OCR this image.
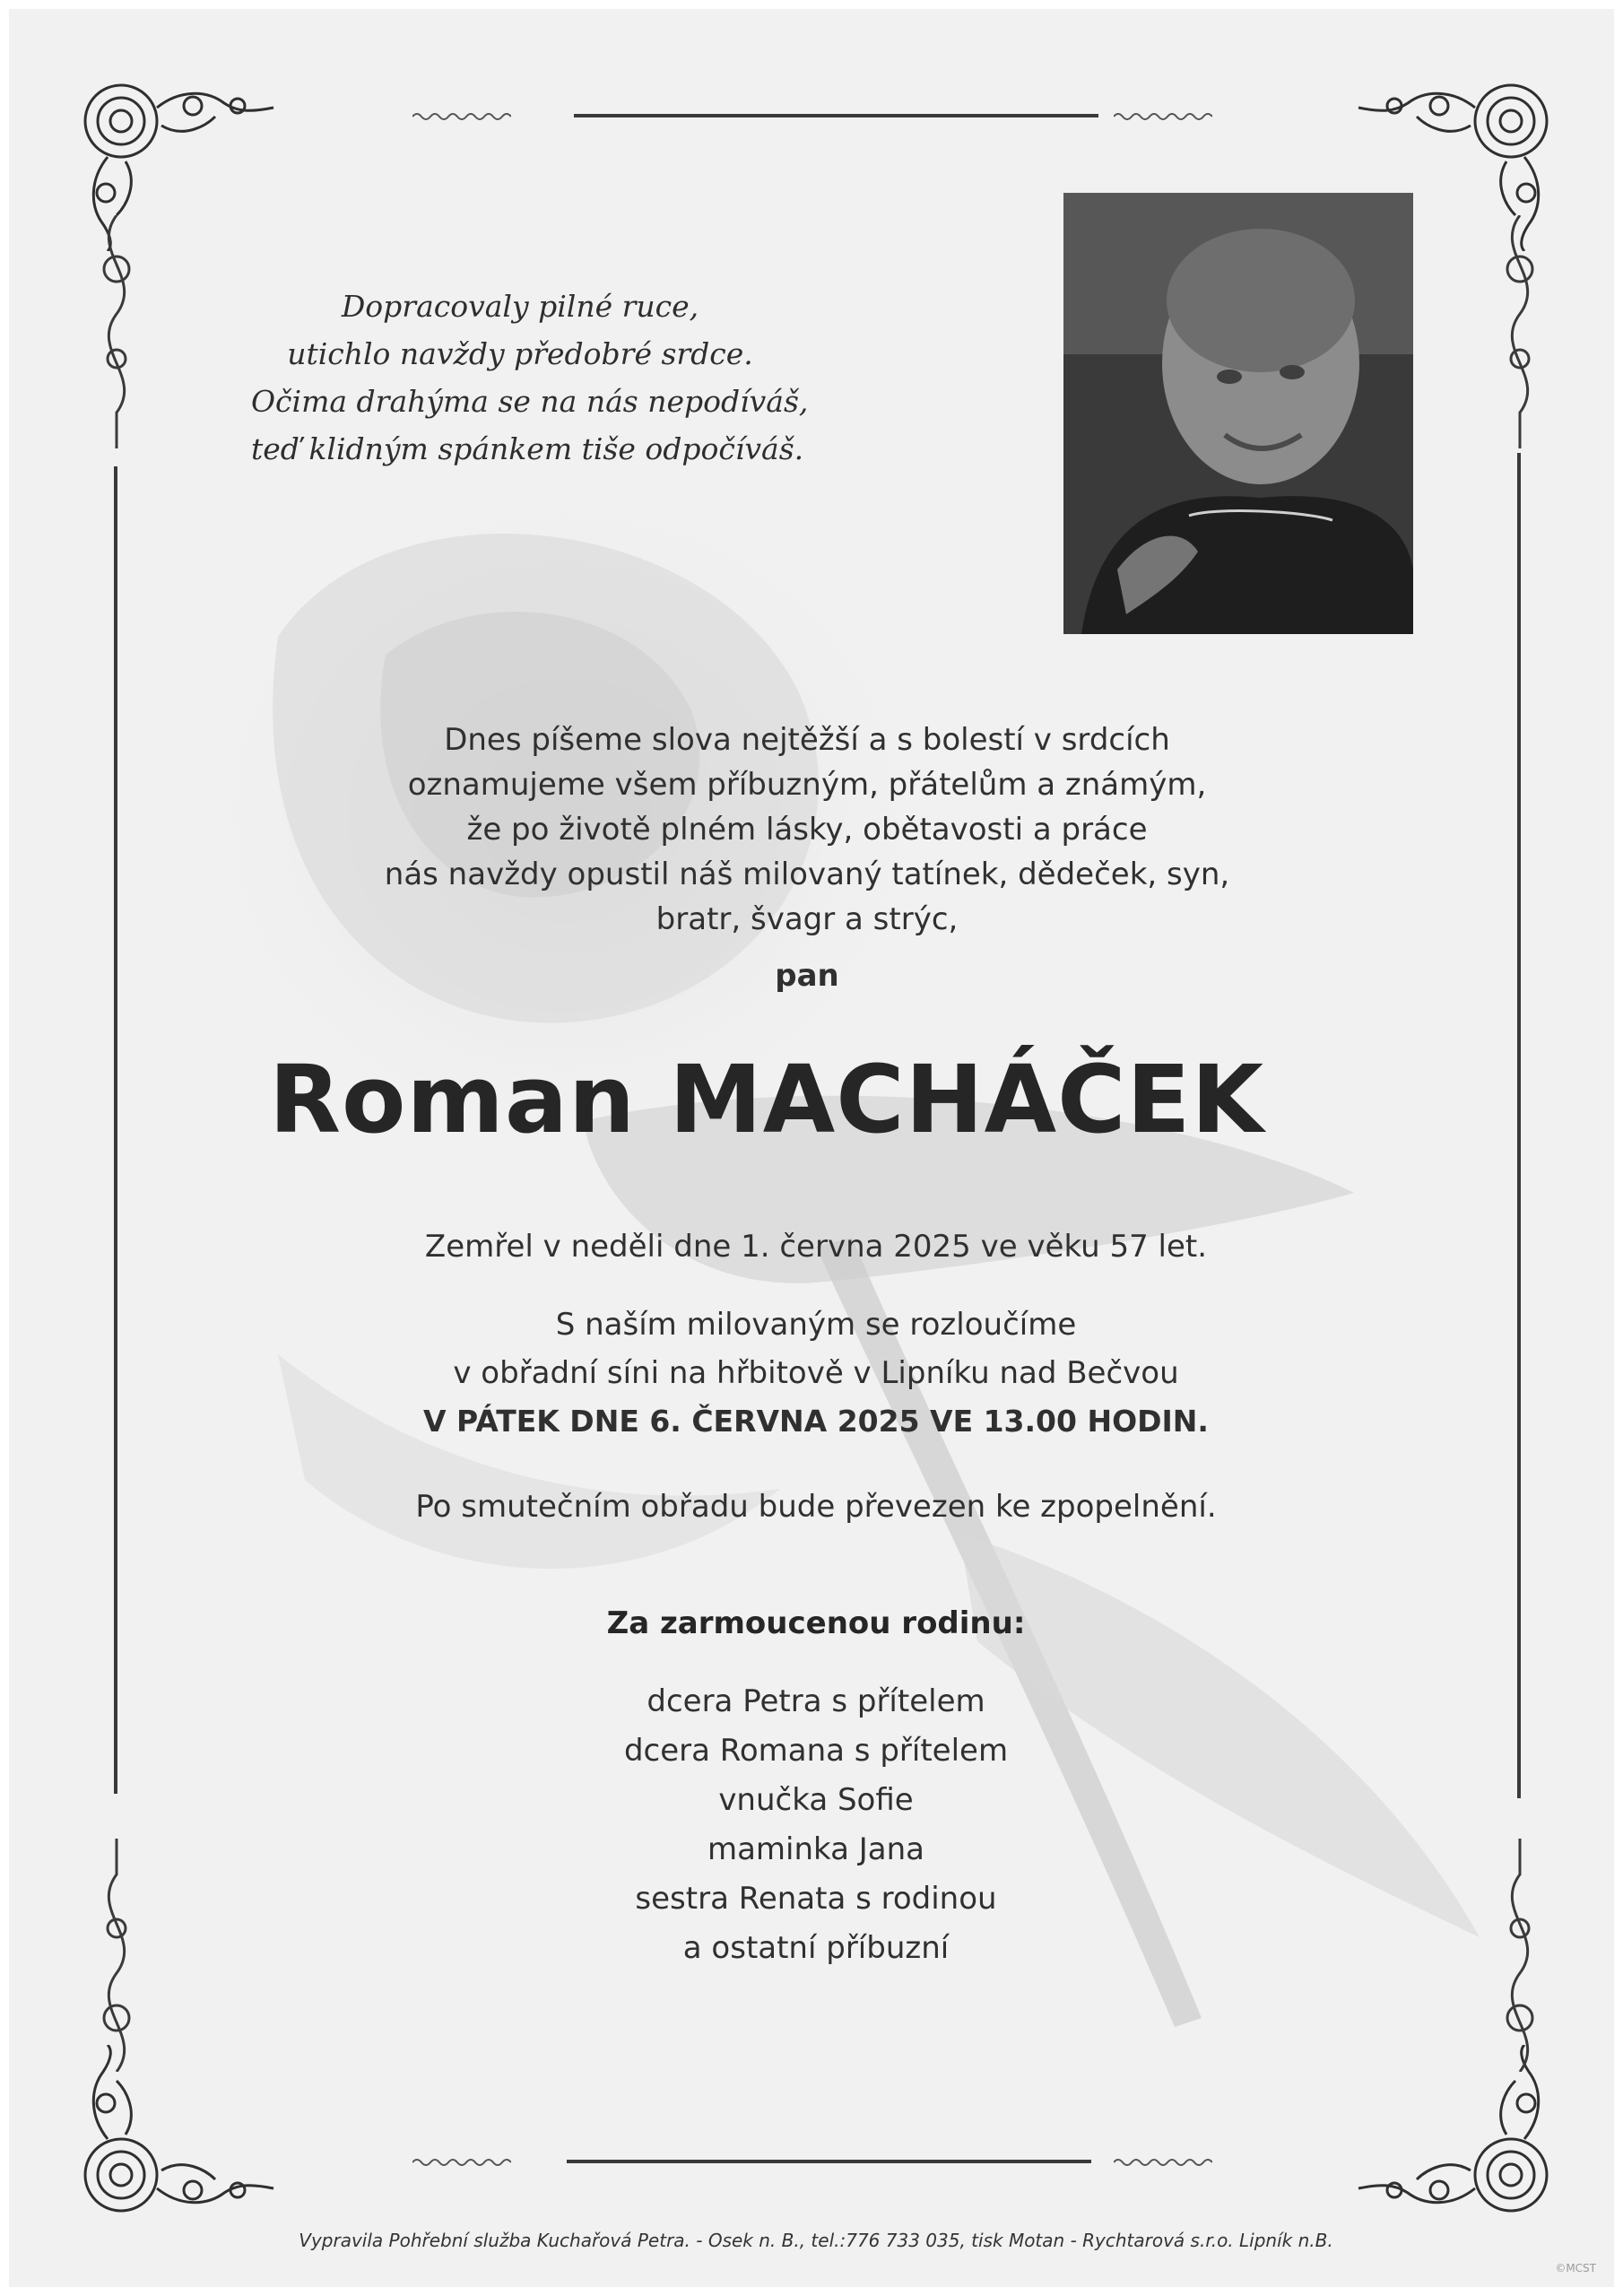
Dopracovaly pilné ruce,
utichlo navždy předobré srdce.
Očima drahýma se na nás nepodíváš,
teď klidným spánkem tiše odpočíváš.
Dnes píšeme slova nejtěžší a s bolestí v srdcích
oznamujeme všem příbuzným, přátelům a známým,
že po životě plném lásky, obětavosti a práce
nás navždy opustil náš milovaný tatínek, dědeček, syn,
bratr, švagr a strýc,
pan
Roman MACHÁČEK
Zemřel v neděli dne 1. června 2025 ve věku 57 let.
S naším milovaným se rozloučíme
v obřadní síni na hřbitově v Lipníku nad Bečvou
V PÁTEK DNE 6. ČERVNA 2025 VE 13.00 HODIN.
Po smutečním obřadu bude převezen ke zpopelnění.
Za zarmoucenou rodinu:
dcera Petra s přítelem
dcera Romana s přítelem
vnučka Sofie
maminka Jana
sestra Renata s rodinou
a ostatní příbuzní
Vypravila Pohřební služba Kuchařová Petra. - Osek n. B., tel.:776 733 035, tisk Motan - Rychtarová s.r.o. Lipník n.B.
©MCST
